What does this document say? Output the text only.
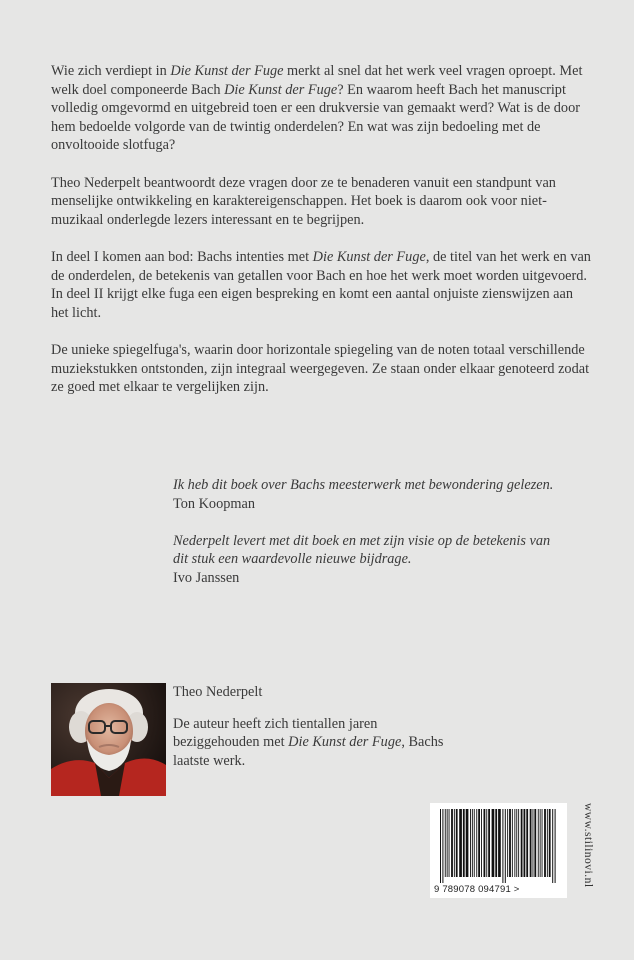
Wie zich verdiept in Die Kunst der Fuge merkt al snel dat het werk veel vragen oproept. Met welk doel componeerde Bach Die Kunst der Fuge? En waarom heeft Bach het manuscript volledig omgevormd en uitgebreid toen er een drukversie van gemaakt werd? Wat is de door hem bedoelde volgorde van de twintig onderdelen? En wat was zijn bedoeling met de onvoltooide slotfuga?

Theo Nederpelt beantwoordt deze vragen door ze te benaderen vanuit een standpunt van menselijke ontwikkeling en karaktereigenschappen. Het boek is daarom ook voor niet-muzikaal onderlegde lezers interessant en te begrijpen.

In deel I komen aan bod: Bachs intenties met Die Kunst der Fuge, de titel van het werk en van de onderdelen, de betekenis van getallen voor Bach en hoe het werk moet worden uitgevoerd.

In deel II krijgt elke fuga een eigen bespreking en komt een aantal onjuiste zienswijzen aan het licht.

De unieke spiegelfuga's, waarin door horizontale spiegeling van de noten totaal verschillende muziekstukken ontstonden, zijn integraal weergegeven. Ze staan onder elkaar genoteerd zodat ze goed met elkaar te vergelijken zijn.

Ik heb dit boek over Bachs meesterwerk met bewondering gelezen.
Ton Koopman
Nederpelt levert met dit boek en met zijn visie op de betekenis van dit stuk een waardevolle nieuwe bijdrage.
Ivo Janssen
Theo Nederpelt
De auteur heeft zich tientallen jaren beziggehouden met Die Kunst der Fuge, Bachs laatste werk.
9 789078 094791 >
www.stilinovi.nl
